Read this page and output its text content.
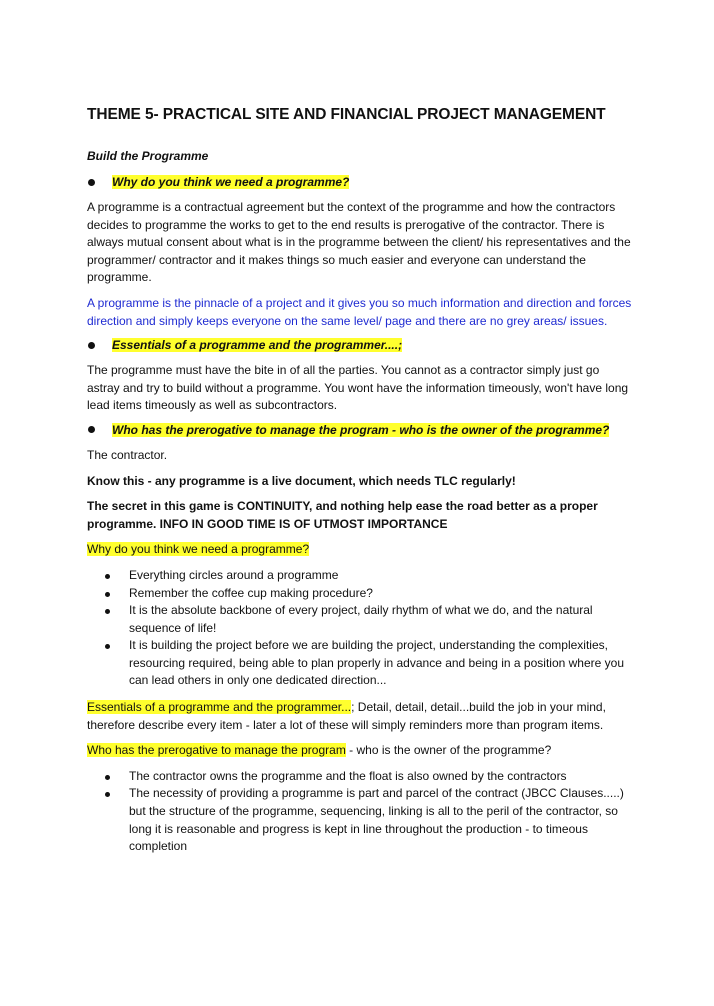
THEME 5- PRACTICAL SITE AND FINANCIAL PROJECT MANAGEMENT
Build the Programme
Why do you think we need a programme?

A programme is a contractual agreement but the context of the programme and how the contractors decides to programme the works to get to the end results is prerogative of the contractor. There is always mutual consent about what is in the programme between the client/ his representatives and the programmer/ contractor and it makes things so much easier and everyone can understand the programme.

A programme is the pinnacle of a project and it gives you so much information and direction and forces direction and simply keeps everyone on the same level/ page and there are no grey areas/ issues.

Essentials of a programme and the programmer....;

The programme must have the bite in of all the parties. You cannot as a contractor simply just go astray and try to build without a programme. You wont have the information timeously, won't have long lead items timeously as well as subcontractors.

Who has the prerogative to manage the program - who is the owner of the programme?

The contractor.

Know this - any programme is a live document, which needs TLC regularly!

The secret in this game is CONTINUITY, and nothing help ease the road better as a proper programme. INFO IN GOOD TIME IS OF UTMOST IMPORTANCE

Why do you think we need a programme?

Everything circles around a programme
Remember the coffee cup making procedure?
It is the absolute backbone of every project, daily rhythm of what we do, and the natural sequence of life!
It is building the project before we are building the project, understanding the complexities, resourcing required, being able to plan properly in advance and being in a position where you can lead others in only one dedicated direction...

Essentials of a programme and the programmer...; Detail, detail, detail...build the job in your mind, therefore describe every item - later a lot of these will simply reminders more than program items.

Who has the prerogative to manage the program - who is the owner of the programme?

The contractor owns the programme and the float is also owned by the contractors
The necessity of providing a programme is part and parcel of the contract (JBCC Clauses.....) but the structure of the programme, sequencing, linking is all to the peril of the contractor, so long it is reasonable and progress is kept in line throughout the production - to timeous completion
